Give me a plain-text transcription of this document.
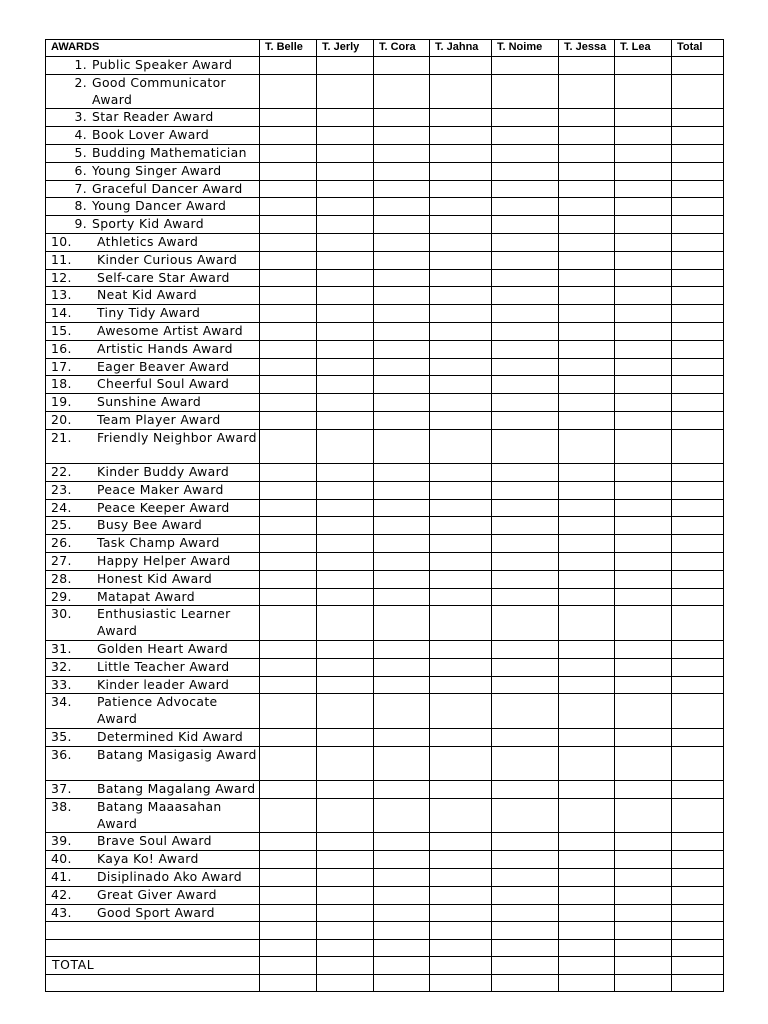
AWARDS	T. Belle	T. Jerly	T. Cora	T. Jahna	T. Noime	T. Jessa	T. Lea	Total
1. Public Speaker Award								
2. Good Communicator Award								
3. Star Reader Award								
4. Book Lover Award								
5. Budding Mathematician								
6. Young Singer Award								
7. Graceful Dancer Award								
8. Young Dancer Award								
9. Sporty Kid Award								
10. Athletics Award								
11. Kinder Curious Award								
12. Self-care Star Award								
13. Neat Kid Award								
14. Tiny Tidy Award								
15. Awesome Artist Award								
16. Artistic Hands Award								
17. Eager Beaver Award								
18. Cheerful Soul Award								
19. Sunshine Award								
20. Team Player Award								
21. Friendly Neighbor Award								
22. Kinder Buddy Award								
23. Peace Maker Award								
24. Peace Keeper Award								
25. Busy Bee Award								
26. Task Champ Award								
27. Happy Helper Award								
28. Honest Kid Award								
29. Matapat Award								
30. Enthusiastic Learner Award								
31. Golden Heart Award								
32. Little Teacher Award								
33. Kinder leader Award								
34. Patience Advocate Award								
35. Determined Kid Award								
36. Batang Masigasig Award								
37. Batang Magalang Award								
38. Batang Maaasahan Award								
39. Brave Soul Award								
40. Kaya Ko! Award								
41. Disiplinado Ako Award								
42. Great Giver Award								
43. Good Sport Award								

TOTAL								
